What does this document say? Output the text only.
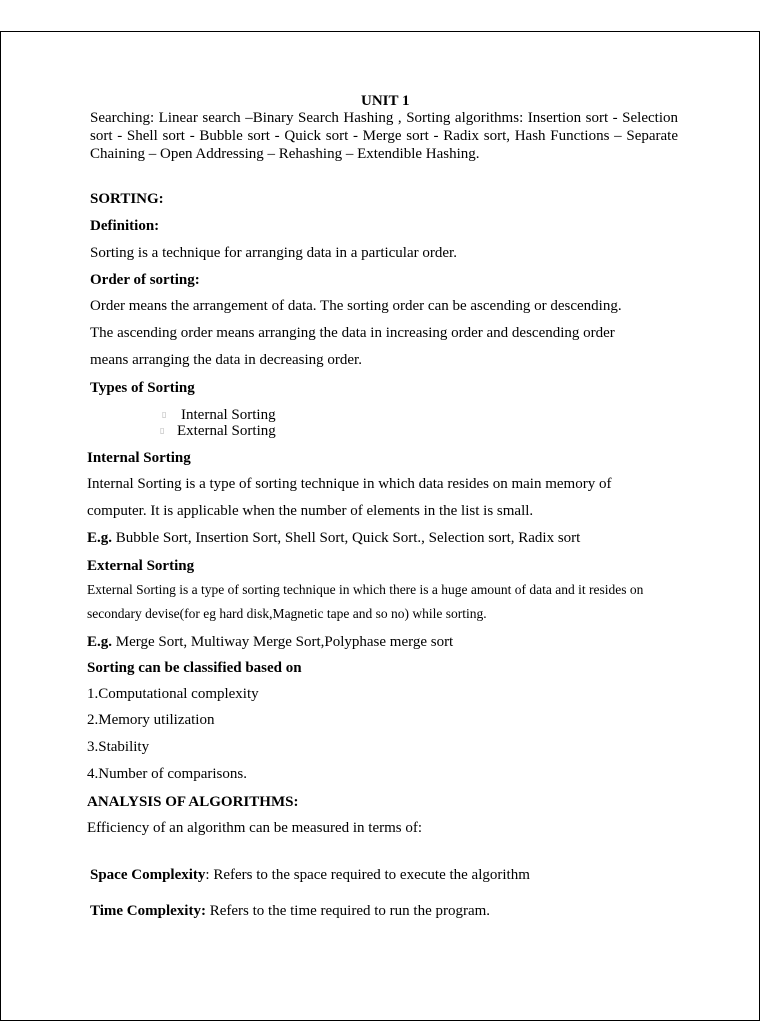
UNIT 1
Searching: Linear search –Binary Search Hashing , Sorting algorithms: Insertion sort - Selection sort - Shell sort - Bubble sort - Quick sort - Merge sort - Radix sort, Hash Functions – Separate Chaining – Open Addressing – Rehashing – Extendible Hashing.
SORTING:
Definition:
Sorting is a technique for arranging data in a particular order.
Order of sorting:
Order means the arrangement of data. The sorting order can be ascending or descending.
The ascending order means arranging the data in increasing order and descending order
means arranging the data in decreasing order.
Types of Sorting
▯ Internal Sorting
▯ External Sorting
Internal Sorting
Internal Sorting is a type of sorting technique in which data resides on main memory of
computer. It is applicable when the number of elements in the list is small.
E.g. Bubble Sort, Insertion Sort, Shell Sort, Quick Sort., Selection sort, Radix sort
External Sorting
External Sorting is a type of sorting technique in which there is a huge amount of data and it resides on
secondary devise(for eg hard disk,Magnetic tape and so no) while sorting.
E.g. Merge Sort, Multiway Merge Sort,Polyphase merge sort
Sorting can be classified based on
1.Computational complexity
2.Memory utilization
3.Stability
4.Number of comparisons.
ANALYSIS OF ALGORITHMS:
Efficiency of an algorithm can be measured in terms of:
Space Complexity: Refers to the space required to execute the algorithm
Time Complexity: Refers to the time required to run the program.
